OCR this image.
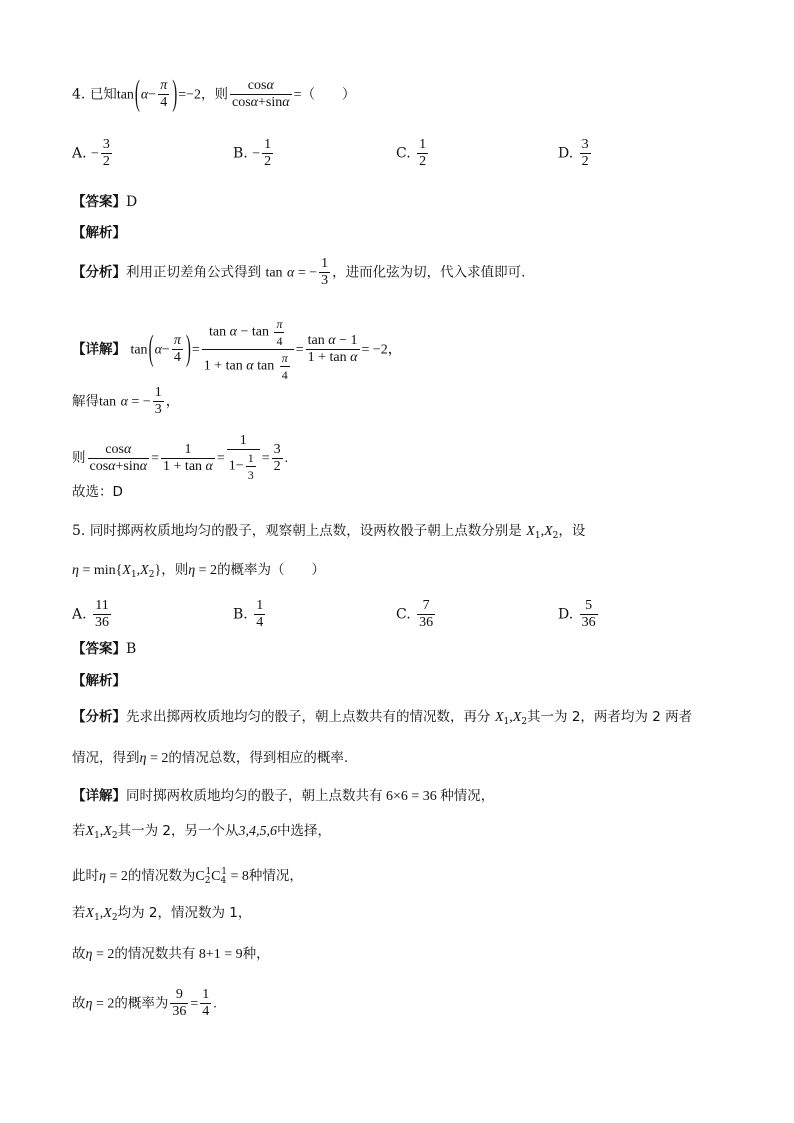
4. 已知$\tan(\alpha- \frac{\pi}{4} )=-2$，则 $\frac{\cos\alpha}{\cos\alpha+\sin\alpha}$ =（　　）
A. − $\frac{3}{2}$	B. − $\frac{1}{2}$	C. $\frac{1}{2}$	D. $\frac{3}{2}$
【答案】D
【解析】
【分析】利用正切差角公式得到 tan α = − $\frac{1}{3}$ ，进而化弦为切，代入求值即可.
【详解】 $\tan(\alpha- \frac{\pi}{4}$ )= $\frac{\tan \alpha - \tan \frac{\pi}{4}}{1 + \tan \alpha \tan \frac{\pi}{4}} = \frac{\text{tan α − 1}}{\text{1 + tan α}} = -2$，
解得tan α = − $\frac{1}{3}$ ，
则 $\frac{\cos\alpha}{\cos\alpha+\sin\alpha} = \frac{1}{\text{1 + tan α}} = \frac{1}{1- \frac{1}{3}} = \frac{3}{2}$ .
故选：D
5. 同时掷两枚质地均匀的骰子，观察朝上点数，设两枚骰子朝上点数分别是 $X_1,X_2$，设
$\eta = \min\{X_1,X_2\}$，则η = 2的概率为（　　）
A. $\frac{11}{36}$	B. $\frac{1}{4}$	C. $\frac{7}{36}$	D. $\frac{5}{36}$
【答案】B
【解析】
【分析】先求出掷两枚质地均匀的骰子，朝上点数共有的情况数，再分 $X_1,X_2$其一为 2，两者均为 2 两者
情况，得到η = 2的情况总数，得到相应的概率.
【详解】同时掷两枚质地均匀的骰子，朝上点数共有 6×6 = 36 种情况，
若$X_1,X_2$其一为 2，另一个从3,4,5,6中选择，
此时η = 2的情况数为$C_2^1C_4^1 = 8$种情况，
若$X_1,X_2$均为 2，情况数为 1，
故η = 2的情况数共有 8+1 = 9种，
故η = 2的概率为 $\frac{9}{36} = \frac{1}{4}$ .
